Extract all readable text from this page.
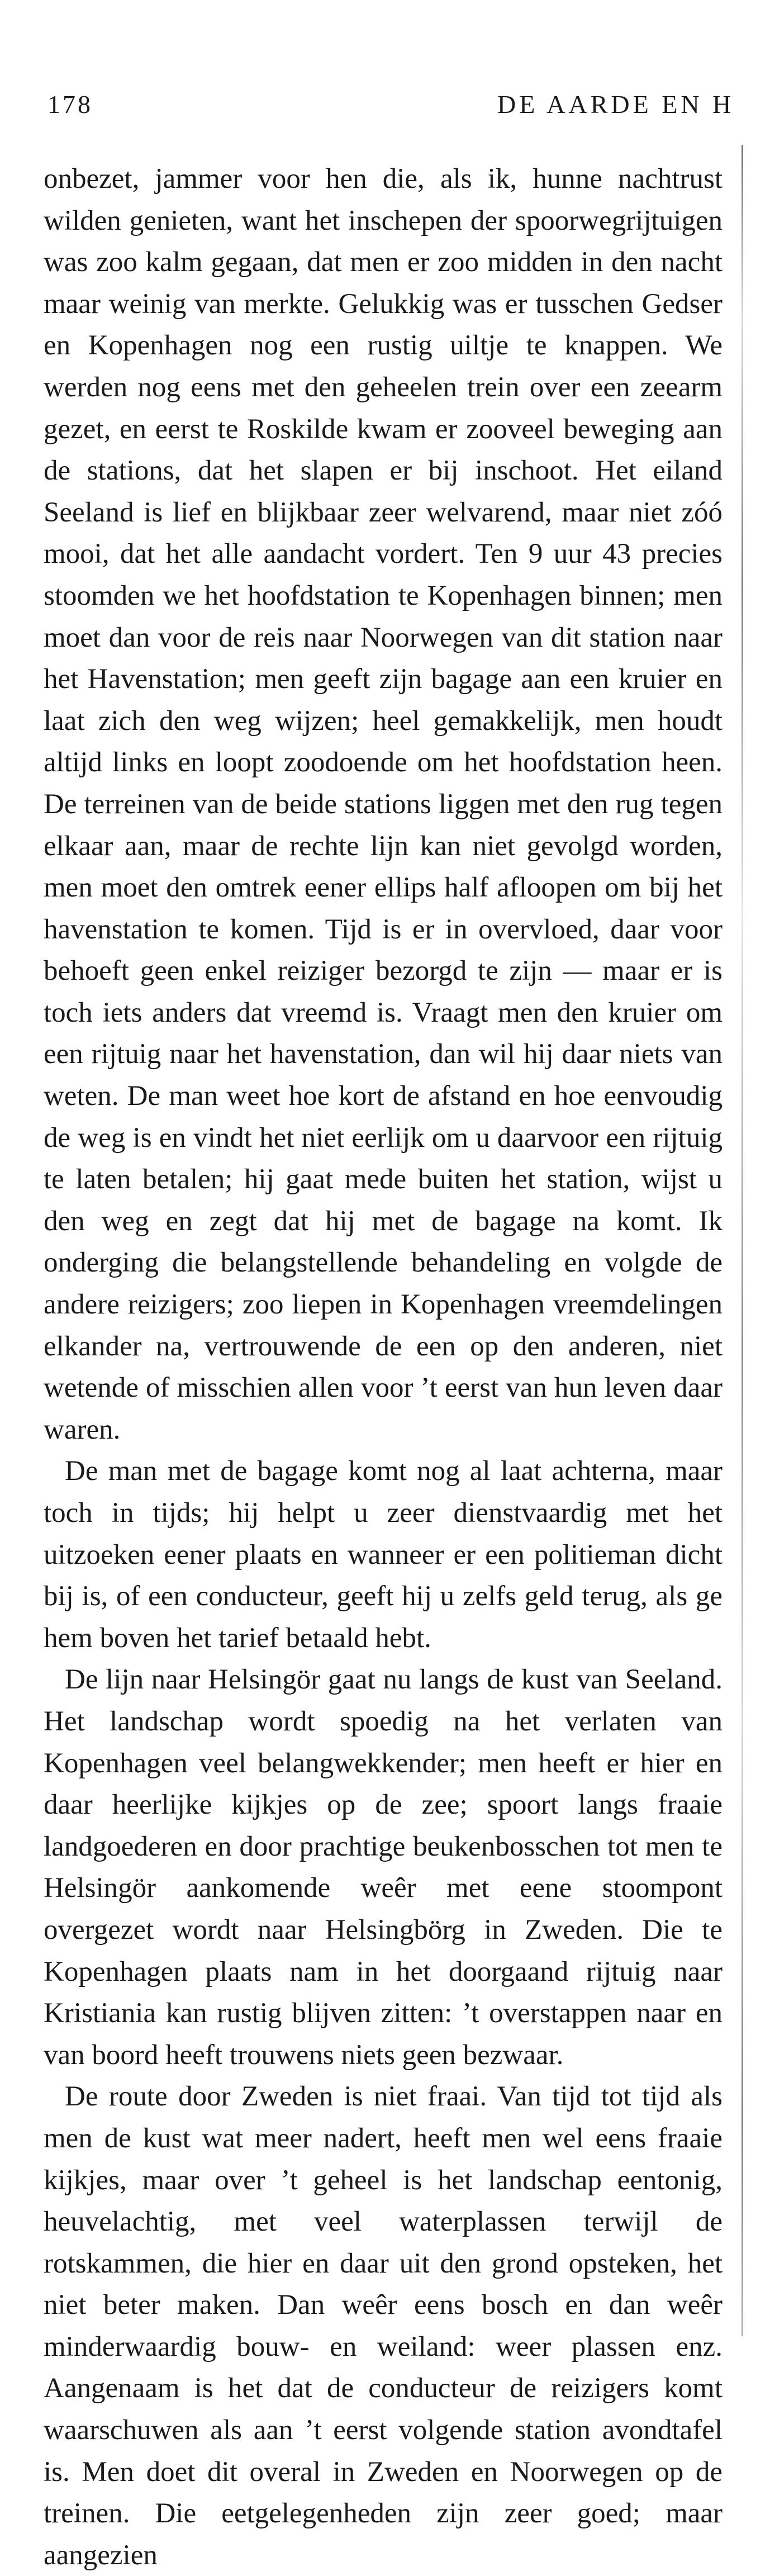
178	DE AARDE EN H

onbezet, jammer voor hen die, als ik, hunne nachtrust wilden genieten, want het inschepen der spoorwegrijtuigen was zoo kalm gegaan, dat men er zoo midden in den nacht maar weinig van merkte. Gelukkig was er tusschen Gedser en Kopenhagen nog een rustig uiltje te knappen. We werden nog eens met den geheelen trein over een zeearm gezet, en eerst te Roskilde kwam er zooveel beweging aan de stations, dat het slapen er bij inschoot. Het eiland Seeland is lief en blijkbaar zeer welvarend, maar niet zóó mooi, dat het alle aandacht vordert. Ten 9 uur 43 precies stoomden we het hoofdstation te Kopenhagen binnen; men moet dan voor de reis naar Noorwegen van dit station naar het Havenstation; men geeft zijn bagage aan een kruier en laat zich den weg wijzen; heel gemakkelijk, men houdt altijd links en loopt zoodoende om het hoofdstation heen. De terreinen van de beide stations liggen met den rug tegen elkaar aan, maar de rechte lijn kan niet gevolgd worden, men moet den omtrek eener ellips half afloopen om bij het havenstation te komen. Tijd is er in overvloed, daar voor behoeft geen enkel reiziger bezorgd te zijn — maar er is toch iets anders dat vreemd is. Vraagt men den kruier om een rijtuig naar het havenstation, dan wil hij daar niets van weten. De man weet hoe kort de afstand en hoe eenvoudig de weg is en vindt het niet eerlijk om u daarvoor een rijtuig te laten betalen; hij gaat mede buiten het station, wijst u den weg en zegt dat hij met de bagage na komt. Ik onderging die belangstellende behandeling en volgde de andere reizigers; zoo liepen in Kopenhagen vreemdelingen elkander na, vertrouwende de een op den anderen, niet wetende of misschien allen voor ’t eerst van hun leven daar waren.

De man met de bagage komt nog al laat achterna, maar toch in tijds; hij helpt u zeer dienstvaardig met het uitzoeken eener plaats en wanneer er een politieman dicht bij is, of een conducteur, geeft hij u zelfs geld terug, als ge hem boven het tarief betaald hebt.

De lijn naar Helsingör gaat nu langs de kust van Seeland. Het landschap wordt spoedig na het verlaten van Kopenhagen veel belangwekkender; men heeft er hier en daar heerlijke kijkjes op de zee; spoort langs fraaie landgoederen en door prachtige beukenbosschen tot men te Helsingör aankomende weêr met eene stoompont overgezet wordt naar Helsingbörg in Zweden. Die te Kopenhagen plaats nam in het doorgaand rijtuig naar Kristiania kan rustig blijven zitten: ’t overstappen naar en van boord heeft trouwens niets geen bezwaar.

De route door Zweden is niet fraai. Van tijd tot tijd als men de kust wat meer nadert, heeft men wel eens fraaie kijkjes, maar over ’t geheel is het landschap eentonig, heuvelachtig, met veel waterplassen terwijl de rotskammen, die hier en daar uit den grond opsteken, het niet beter maken. Dan weêr eens bosch en dan weêr minderwaardig bouw- en weiland: weer plassen enz. Aangenaam is het dat de conducteur de reizigers komt waarschuwen als aan ’t eerst volgende station avondtafel is. Men doet dit overal in Zweden en Noorwegen op de treinen. Die eetgelegenheden zijn zeer goed; maar aangezien
